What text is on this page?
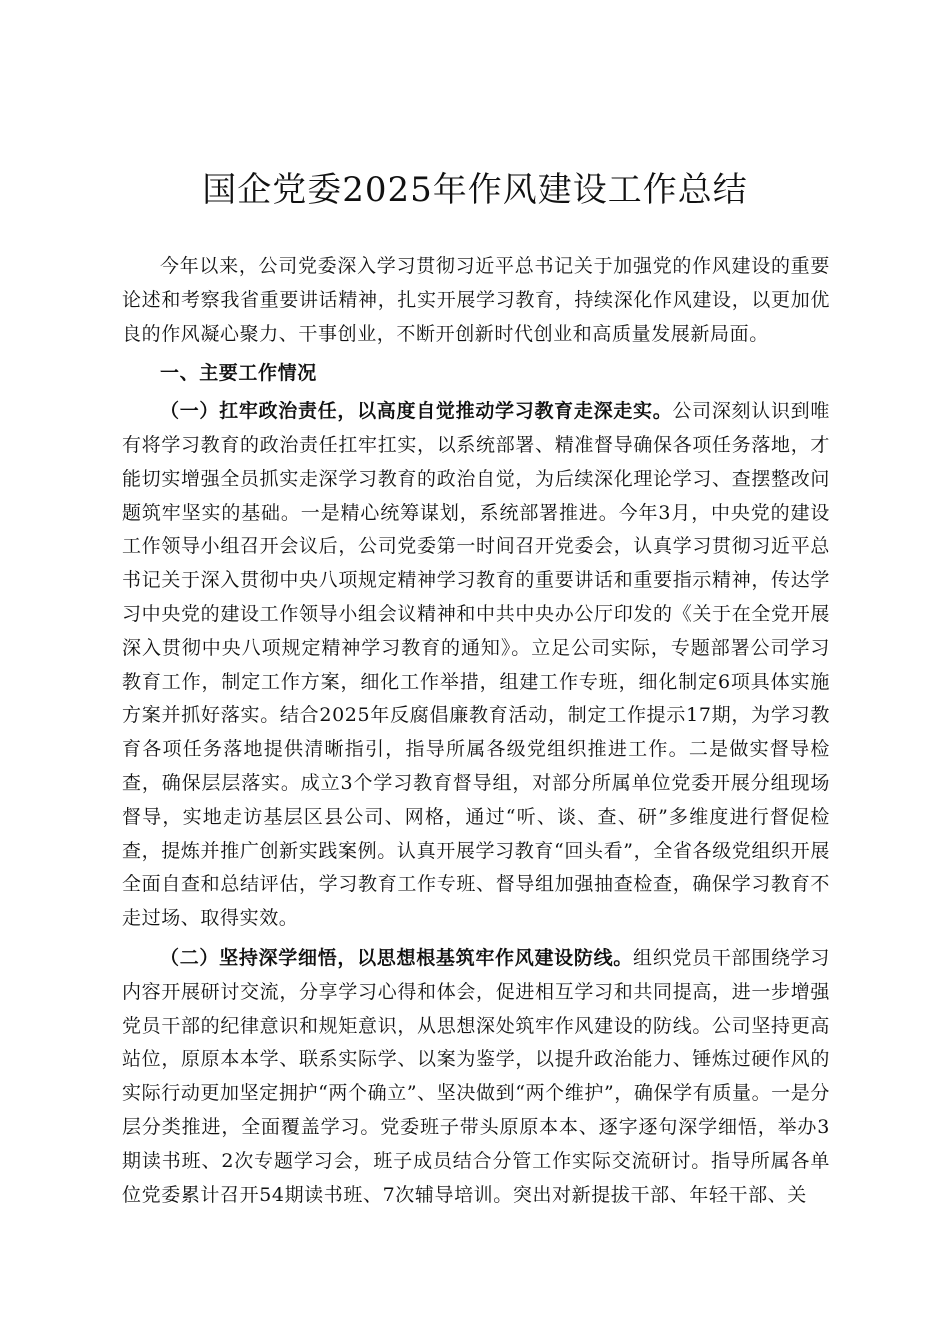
国企党委2025年作风建设工作总结

今年以来，公司党委深入学习贯彻习近平总书记关于加强党的作风建设的重要论述和考察我省重要讲话精神，扎实开展学习教育，持续深化作风建设，以更加优良的作风凝心聚力、干事创业，不断开创新时代创业和高质量发展新局面。

一、主要工作情况

（一）扛牢政治责任，以高度自觉推动学习教育走深走实。公司深刻认识到唯有将学习教育的政治责任扛牢扛实，以系统部署、精准督导确保各项任务落地，才能切实增强全员抓实走深学习教育的政治自觉，为后续深化理论学习、查摆整改问题筑牢坚实的基础。一是精心统筹谋划，系统部署推进。今年3月，中央党的建设工作领导小组召开会议后，公司党委第一时间召开党委会，认真学习贯彻习近平总书记关于深入贯彻中央八项规定精神学习教育的重要讲话和重要指示精神，传达学习中央党的建设工作领导小组会议精神和中共中央办公厅印发的《关于在全党开展深入贯彻中央八项规定精神学习教育的通知》。立足公司实际，专题部署公司学习教育工作，制定工作方案，细化工作举措，组建工作专班，细化制定6项具体实施方案并抓好落实。结合2025年反腐倡廉教育活动，制定工作提示17期，为学习教育各项任务落地提供清晰指引，指导所属各级党组织推进工作。二是做实督导检查，确保层层落实。成立3个学习教育督导组，对部分所属单位党委开展分组现场督导，实地走访基层区县公司、网格，通过“听、谈、查、研”多维度进行督促检查，提炼并推广创新实践案例。认真开展学习教育“回头看”，全省各级党组织开展全面自查和总结评估，学习教育工作专班、督导组加强抽查检查，确保学习教育不走过场、取得实效。

（二）坚持深学细悟，以思想根基筑牢作风建设防线。组织党员干部围绕学习内容开展研讨交流，分享学习心得和体会，促进相互学习和共同提高，进一步增强党员干部的纪律意识和规矩意识，从思想深处筑牢作风建设的防线。公司坚持更高站位，原原本本学、联系实际学、以案为鉴学，以提升政治能力、锤炼过硬作风的实际行动更加坚定拥护“两个确立”、坚决做到“两个维护”，确保学有质量。一是分层分类推进，全面覆盖学习。党委班子带头原原本本、逐字逐句深学细悟，举办3期读书班、2次专题学习会，班子成员结合分管工作实际交流研讨。指导所属各单位党委累计召开54期读书班、7次辅导培训。突出对新提拔干部、年轻干部、关
